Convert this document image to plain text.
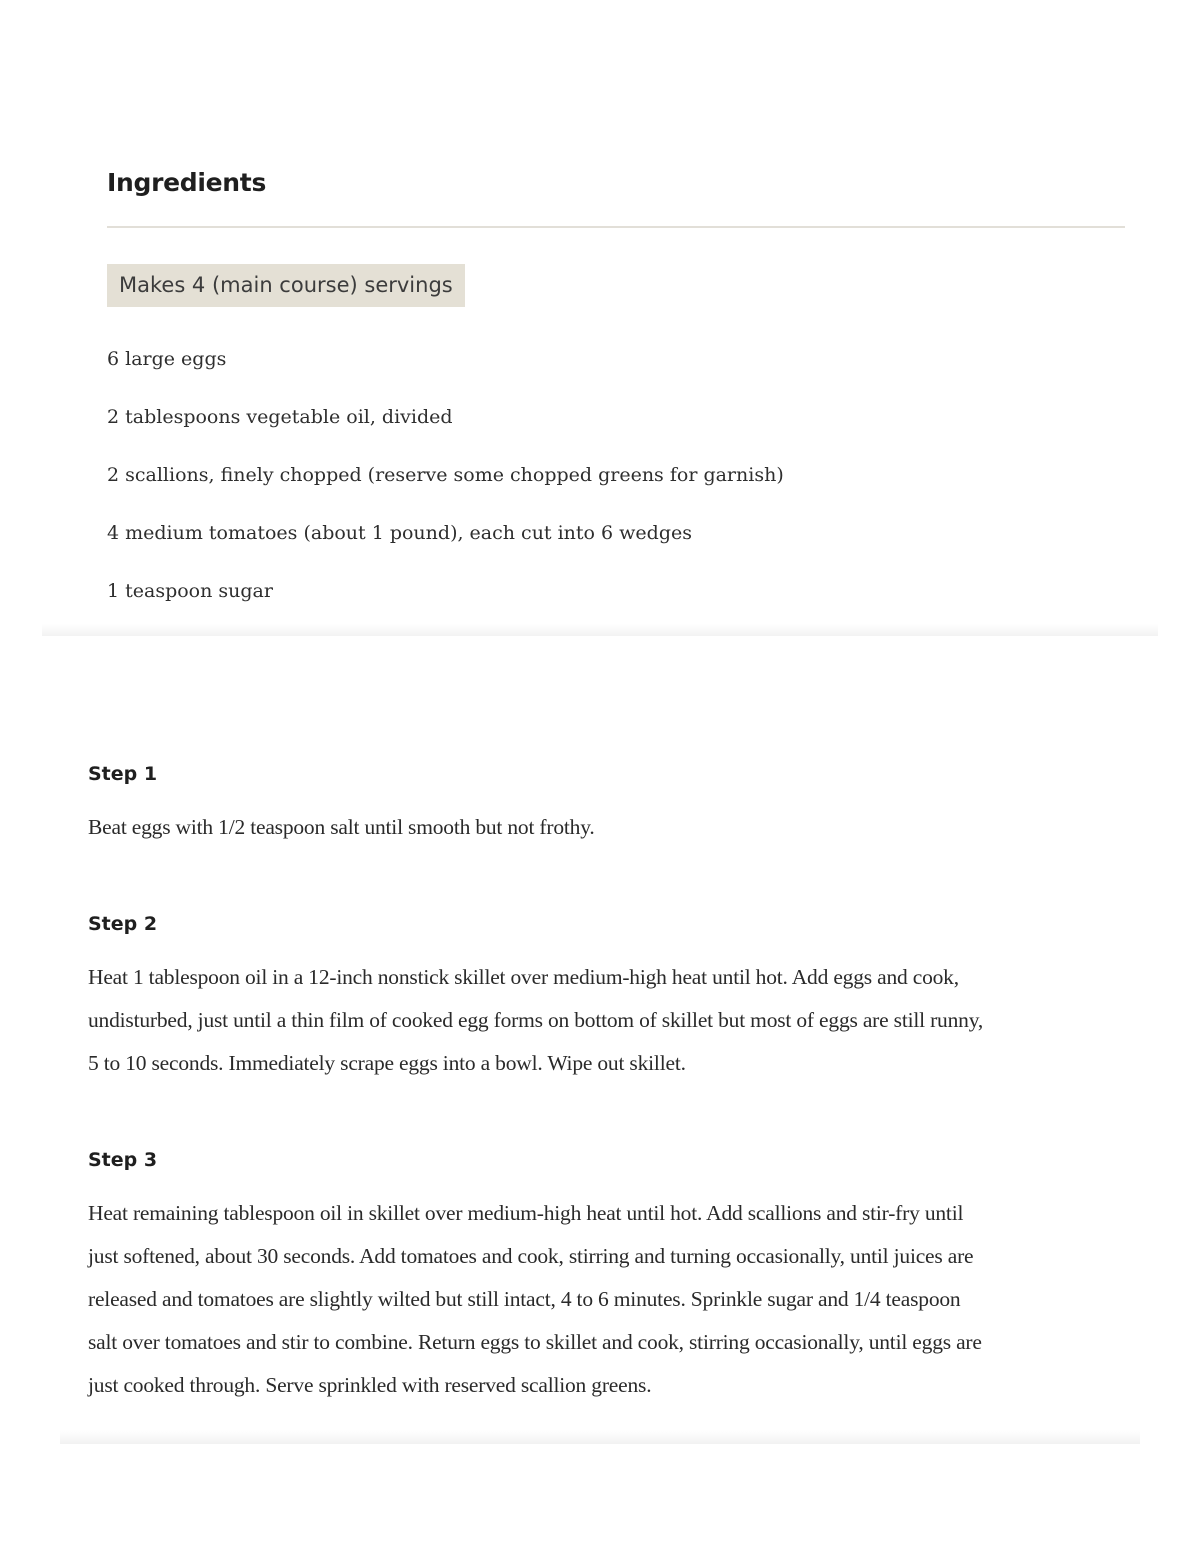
Ingredients
Makes 4 (main course) servings
6 large eggs
2 tablespoons vegetable oil, divided
2 scallions, finely chopped (reserve some chopped greens for garnish)
4 medium tomatoes (about 1 pound), each cut into 6 wedges
1 teaspoon sugar
Step 1

Beat eggs with 1/2 teaspoon salt until smooth but not frothy.

Step 2

Heat 1 tablespoon oil in a 12-inch nonstick skillet over medium-high heat until hot. Add eggs and cook, undisturbed, just until a thin film of cooked egg forms on bottom of skillet but most of eggs are still runny, 5 to 10 seconds. Immediately scrape eggs into a bowl. Wipe out skillet.

Step 3

Heat remaining tablespoon oil in skillet over medium-high heat until hot. Add scallions and stir-fry until just softened, about 30 seconds. Add tomatoes and cook, stirring and turning occasionally, until juices are released and tomatoes are slightly wilted but still intact, 4 to 6 minutes. Sprinkle sugar and 1/4 teaspoon salt over tomatoes and stir to combine. Return eggs to skillet and cook, stirring occasionally, until eggs are just cooked through. Serve sprinkled with reserved scallion greens.
